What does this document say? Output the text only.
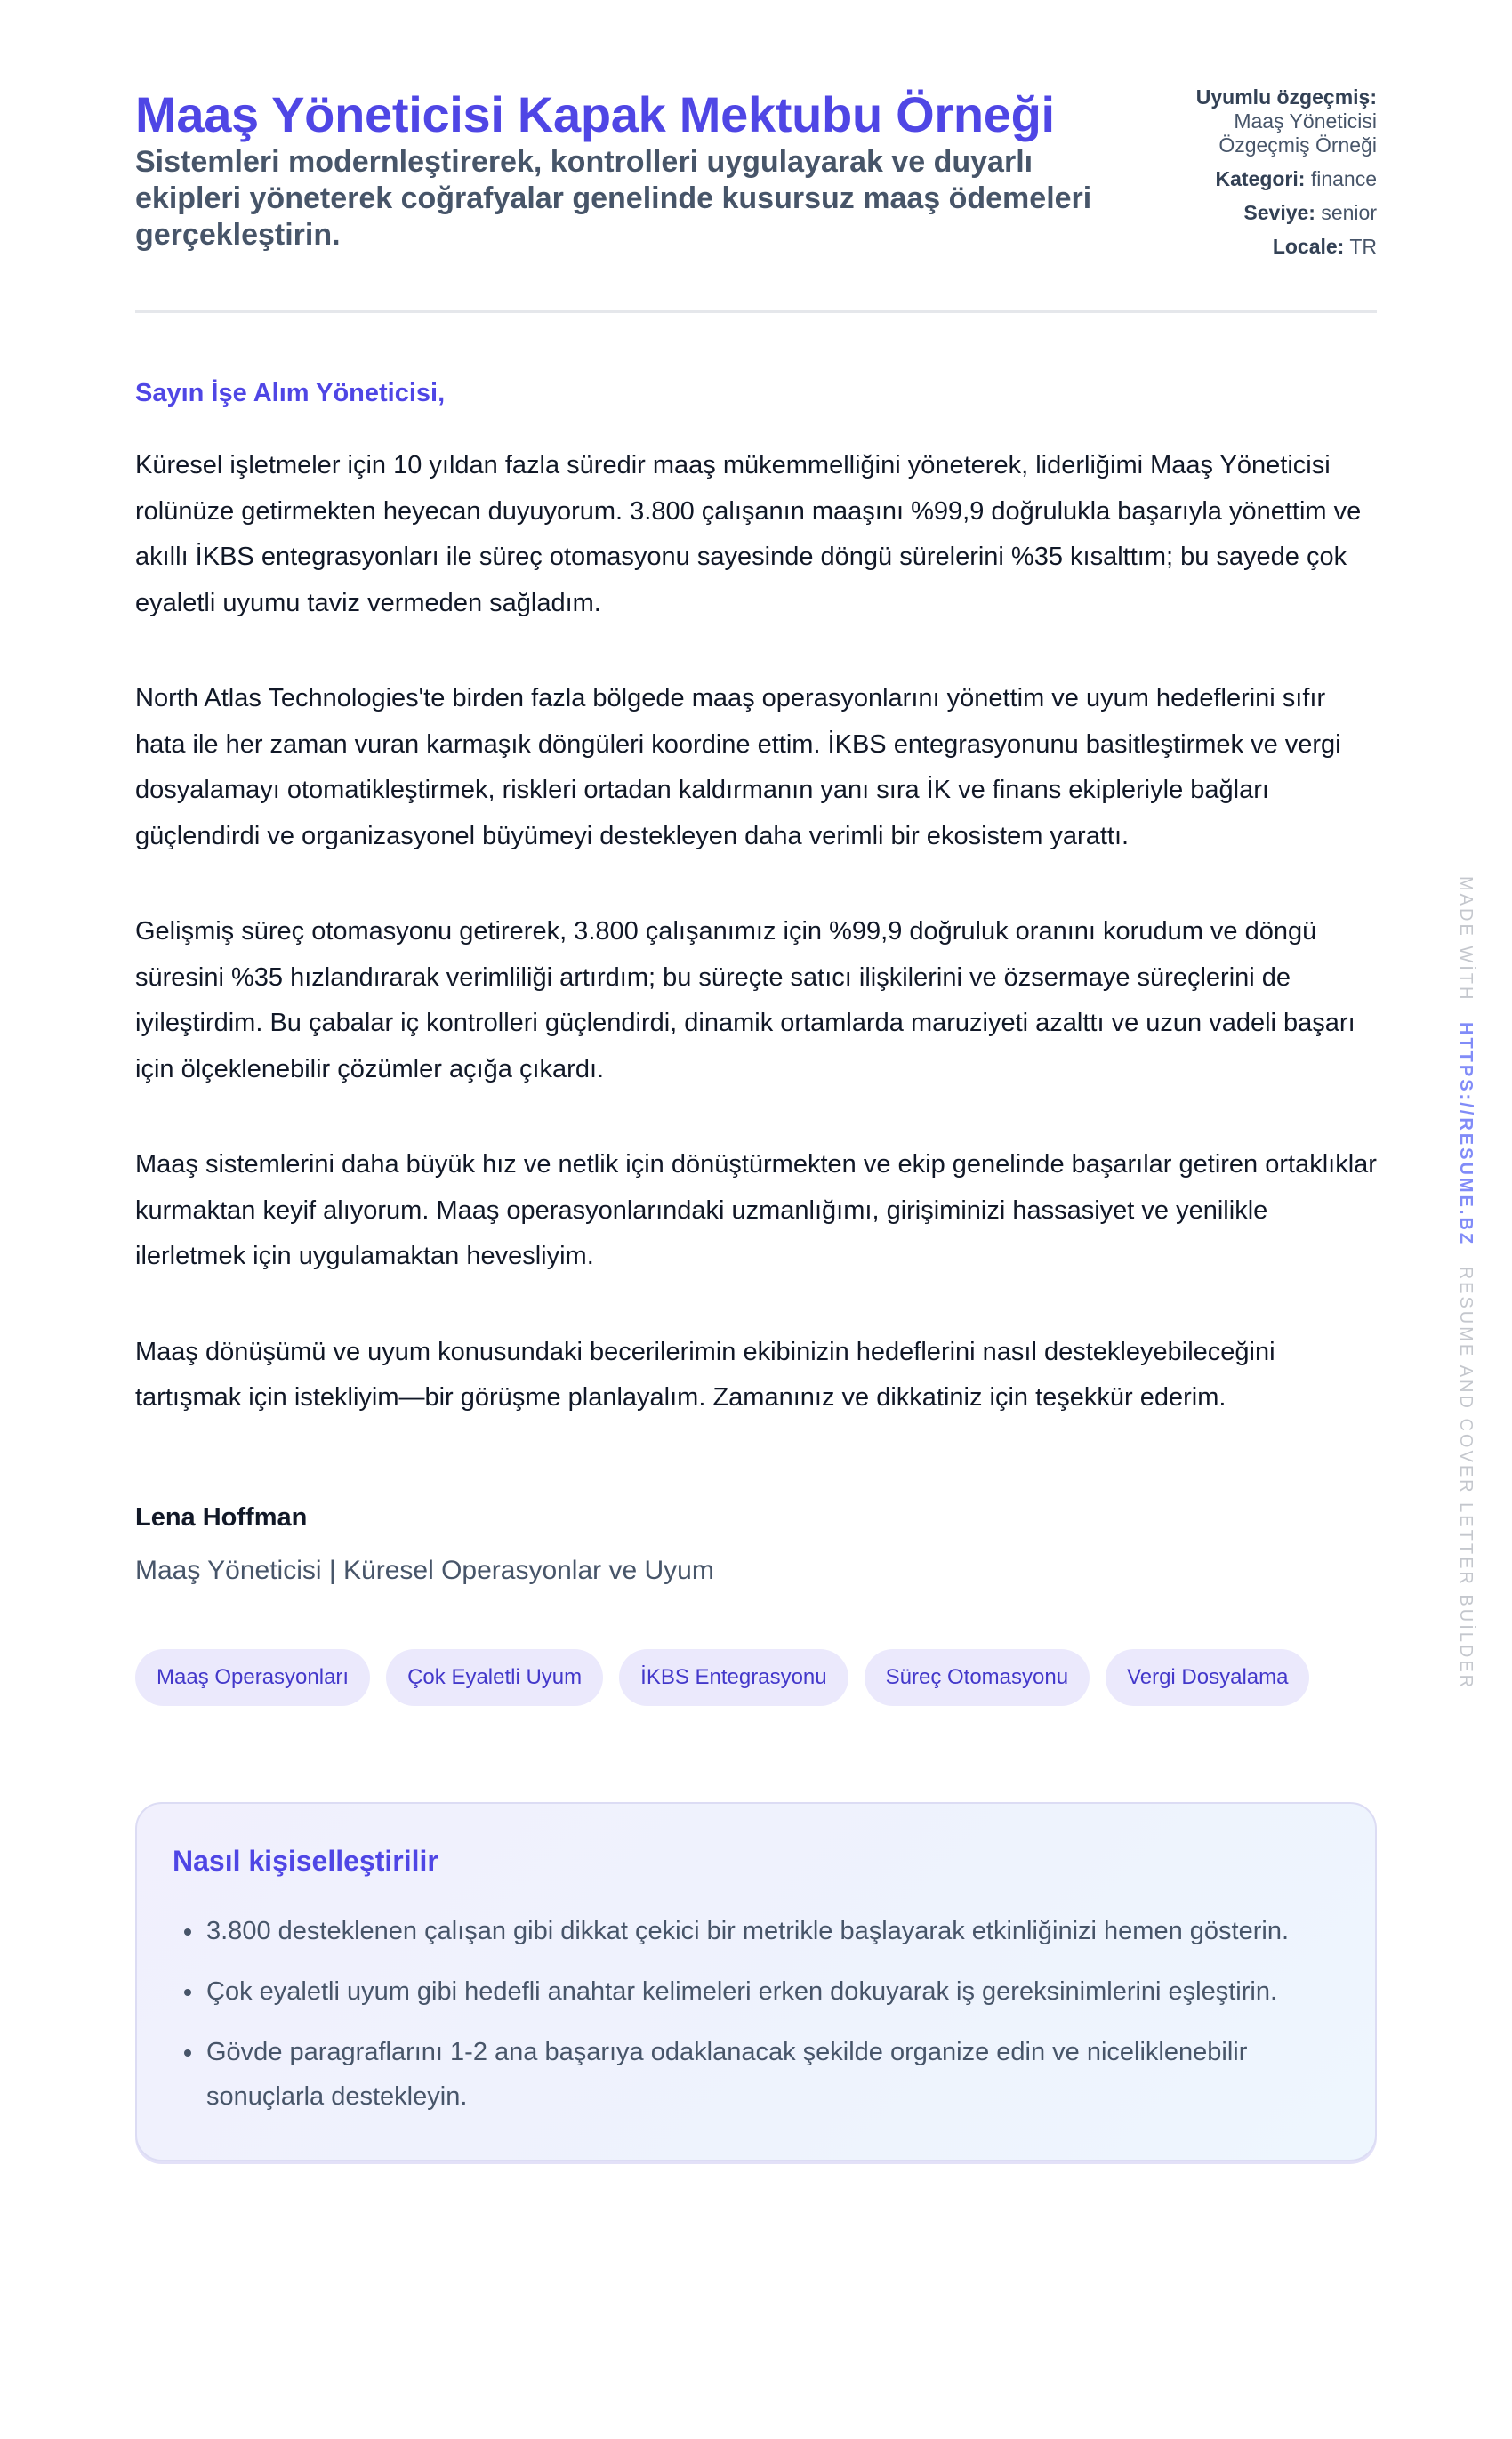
Maaş Yöneticisi Kapak Mektubu Örneği

Sistemleri modernleştirerek, kontrolleri uygulayarak ve duyarlı ekipleri yöneterek coğrafyalar genelinde kusursuz maaş ödemeleri gerçekleştirin.

Uyumlu özgeçmiş:
Maaş Yöneticisi Özgeçmiş Örneği
Kategori: finance
Seviye: senior
Locale: TR

Sayın İşe Alım Yöneticisi,

Küresel işletmeler için 10 yıldan fazla süredir maaş mükemmelliğini yöneterek, liderliğimi Maaş Yöneticisi rolünüze getirmekten heyecan duyuyorum. 3.800 çalışanın maaşını %99,9 doğrulukla başarıyla yönettim ve akıllı İKBS entegrasyonları ile süreç otomasyonu sayesinde döngü sürelerini %35 kısalttım; bu sayede çok eyaletli uyumu taviz vermeden sağladım.

North Atlas Technologies'te birden fazla bölgede maaş operasyonlarını yönettim ve uyum hedeflerini sıfır hata ile her zaman vuran karmaşık döngüleri koordine ettim. İKBS entegrasyonunu basitleştirmek ve vergi dosyalamayı otomatikleştirmek, riskleri ortadan kaldırmanın yanı sıra İK ve finans ekipleriyle bağları güçlendirdi ve organizasyonel büyümeyi destekleyen daha verimli bir ekosistem yarattı.

Gelişmiş süreç otomasyonu getirerek, 3.800 çalışanımız için %99,9 doğruluk oranını korudum ve döngü süresini %35 hızlandırarak verimliliği artırdım; bu süreçte satıcı ilişkilerini ve özsermaye süreçlerini de iyileştirdim. Bu çabalar iç kontrolleri güçlendirdi, dinamik ortamlarda maruziyeti azalttı ve uzun vadeli başarı için ölçeklenebilir çözümler açığa çıkardı.

Maaş sistemlerini daha büyük hız ve netlik için dönüştürmekten ve ekip genelinde başarılar getiren ortaklıklar kurmaktan keyif alıyorum. Maaş operasyonlarındaki uzmanlığımı, girişiminizi hassasiyet ve yenilikle ilerletmek için uygulamaktan hevesliyim.

Maaş dönüşümü ve uyum konusundaki becerilerimin ekibinizin hedeflerini nasıl destekleyebileceğini tartışmak için istekliyim—bir görüşme planlayalım. Zamanınız ve dikkatiniz için teşekkür ederim.

Lena Hoffman
Maaş Yöneticisi | Küresel Operasyonlar ve Uyum
Maaş Operasyonları	Çok Eyaletli Uyum	İKBS Entegrasyonu	Süreç Otomasyonu	Vergi Dosyalama
Nasıl kişiselleştirilir
• 3.800 desteklenen çalışan gibi dikkat çekici bir metrikle başlayarak etkinliğinizi hemen gösterin.
• Çok eyaletli uyum gibi hedefli anahtar kelimeleri erken dokuyarak iş gereksinimlerini eşleştirin.
• Gövde paragraflarını 1-2 ana başarıya odaklanacak şekilde organize edin ve niceliklenebilir sonuçlarla destekleyin.
MADE WİTH HTTPS://RESUME.BZ RESUME AND COVER LETTER BUİLDER
